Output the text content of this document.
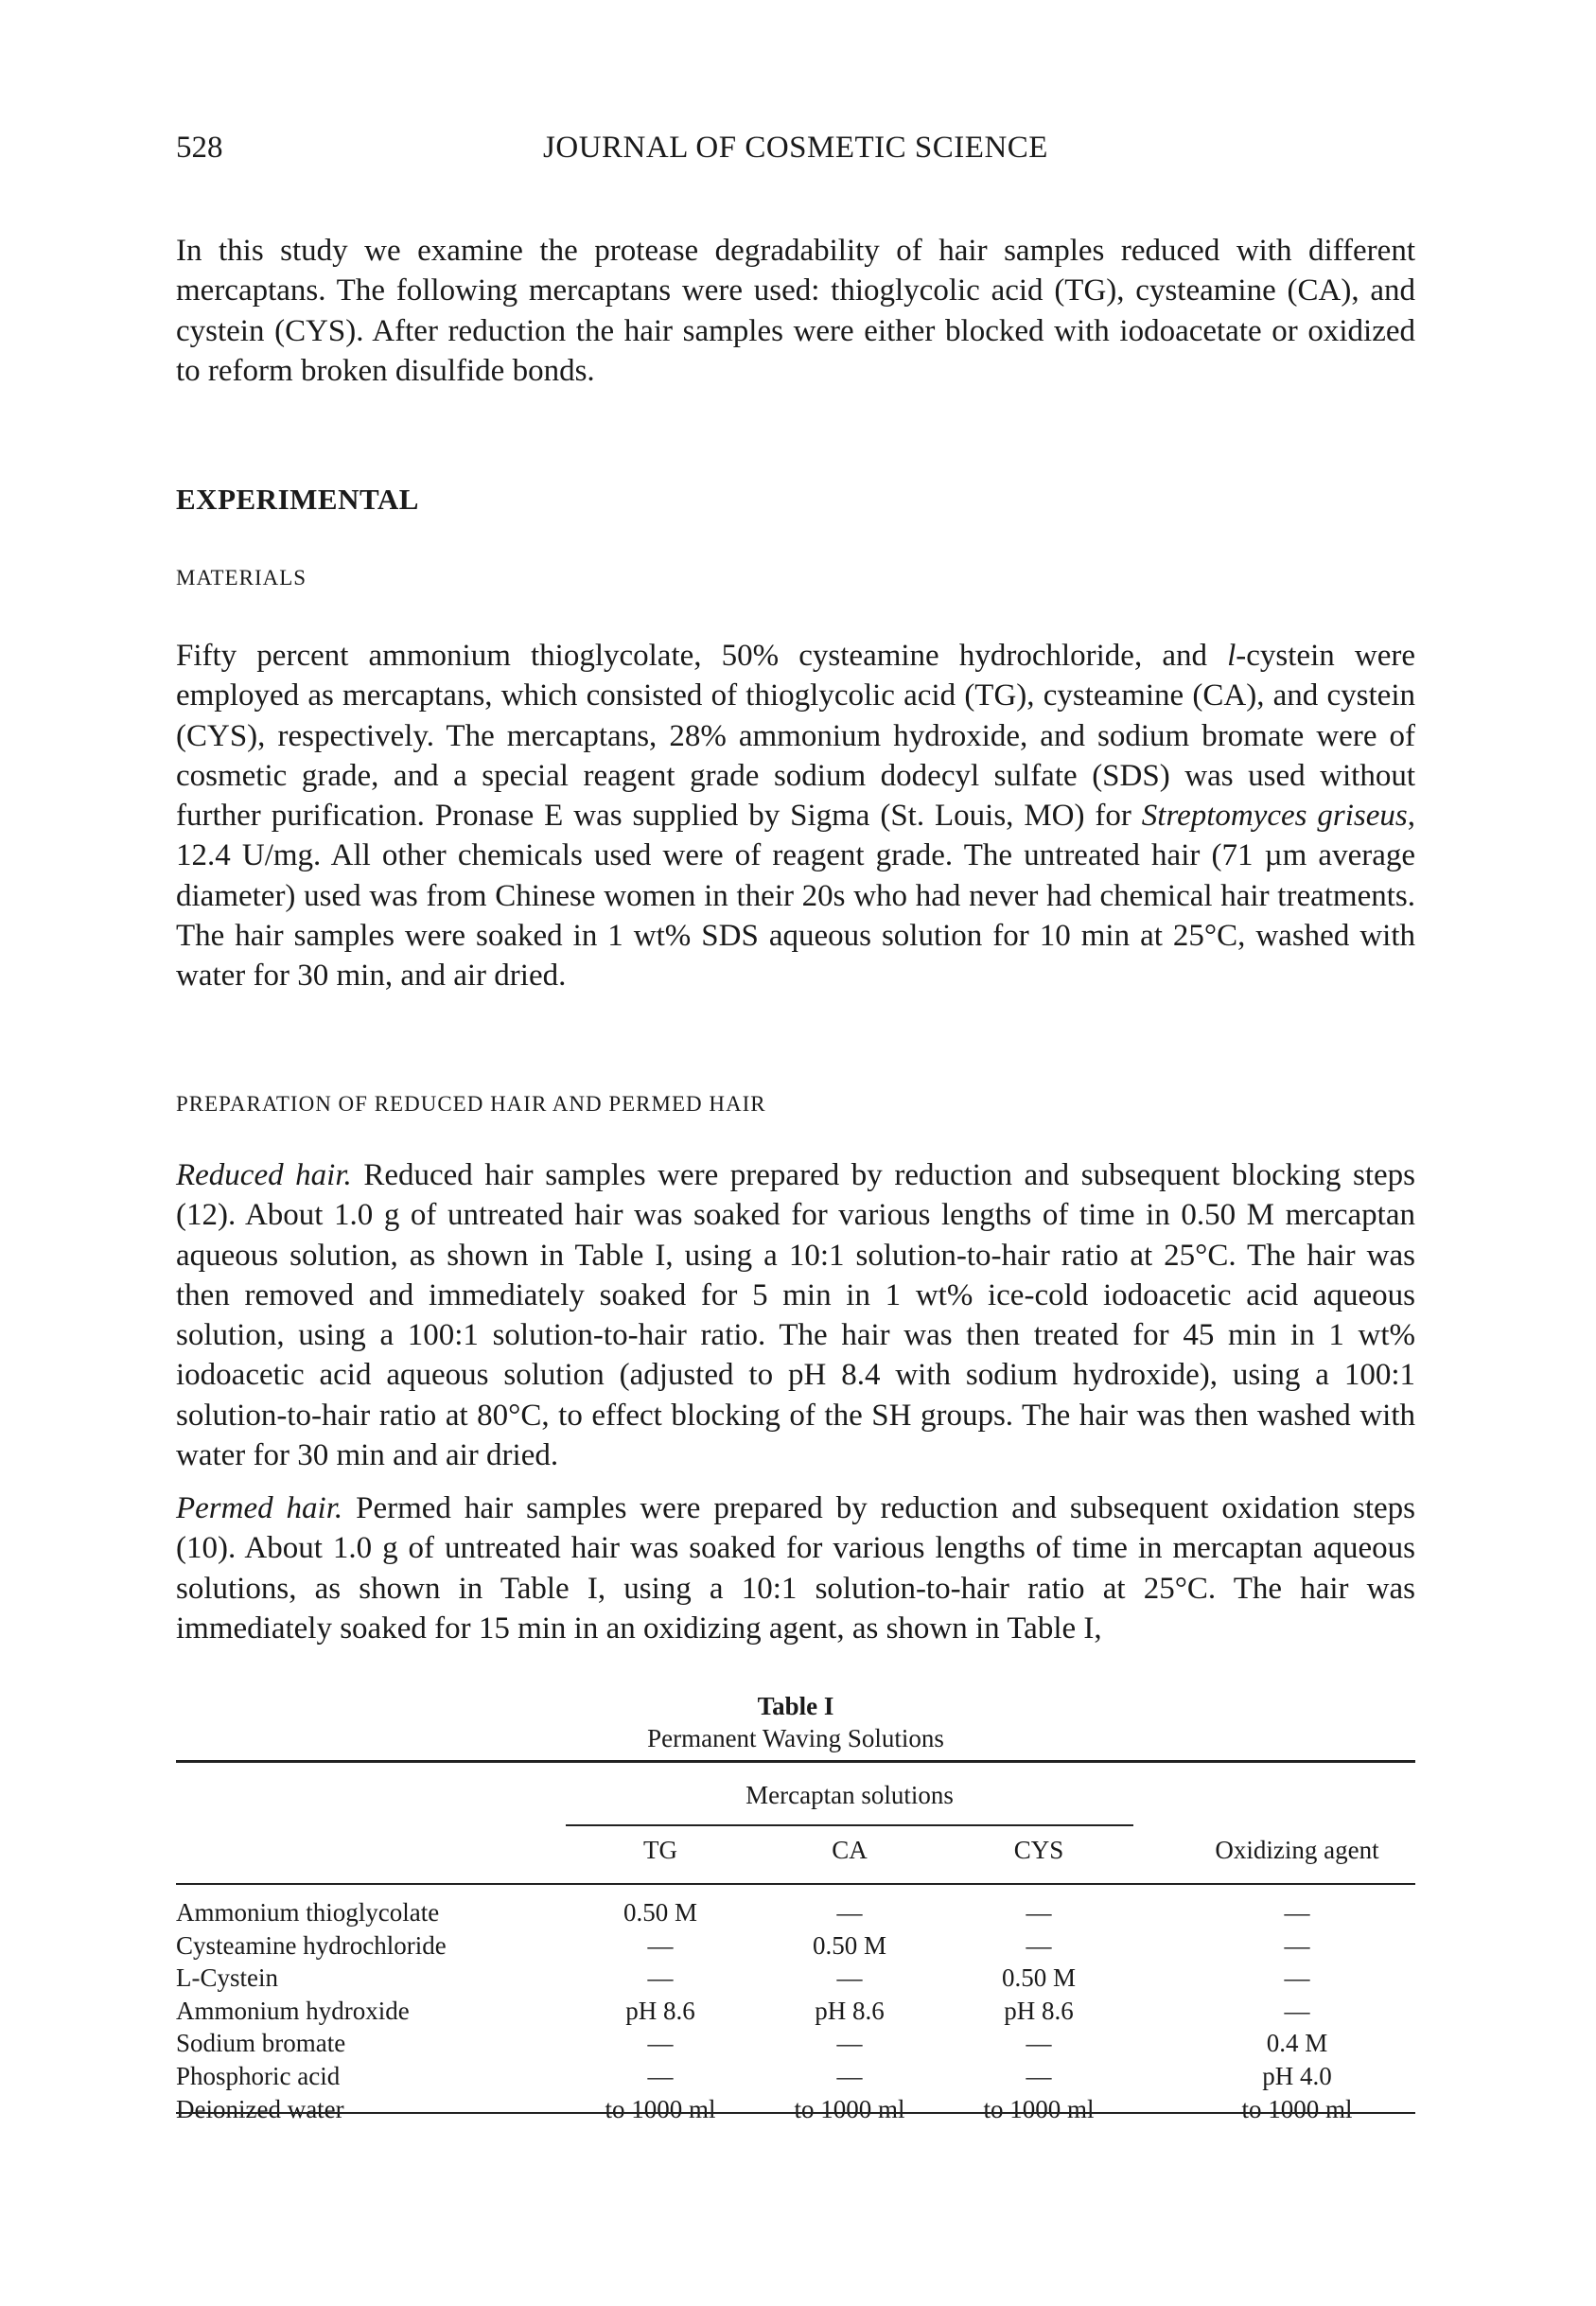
528	JOURNAL OF COSMETIC SCIENCE

In this study we examine the protease degradability of hair samples reduced with different mercaptans. The following mercaptans were used: thioglycolic acid (TG), cysteamine (CA), and cystein (CYS). After reduction the hair samples were either blocked with iodoacetate or oxidized to reform broken disulfide bonds.

EXPERIMENTAL
MATERIALS

Fifty percent ammonium thioglycolate, 50% cysteamine hydrochloride, and l-cystein were employed as mercaptans, which consisted of thioglycolic acid (TG), cysteamine (CA), and cystein (CYS), respectively. The mercaptans, 28% ammonium hydroxide, and sodium bromate were of cosmetic grade, and a special reagent grade sodium dodecyl sulfate (SDS) was used without further purification. Pronase E was supplied by Sigma (St. Louis, MO) for Streptomyces griseus, 12.4 U/mg. All other chemicals used were of reagent grade. The untreated hair (71 µm average diameter) used was from Chinese women in their 20s who had never had chemical hair treatments. The hair samples were soaked in 1 wt% SDS aqueous solution for 10 min at 25°C, washed with water for 30 min, and air dried.

PREPARATION OF REDUCED HAIR AND PERMED HAIR

Reduced hair. Reduced hair samples were prepared by reduction and subsequent blocking steps (12). About 1.0 g of untreated hair was soaked for various lengths of time in 0.50 M mercaptan aqueous solution, as shown in Table I, using a 10:1 solution-to-hair ratio at 25°C. The hair was then removed and immediately soaked for 5 min in 1 wt% ice-cold iodoacetic acid aqueous solution, using a 100:1 solution-to-hair ratio. The hair was then treated for 45 min in 1 wt% iodoacetic acid aqueous solution (adjusted to pH 8.4 with sodium hydroxide), using a 100:1 solution-to-hair ratio at 80°C, to effect blocking of the SH groups. The hair was then washed with water for 30 min and air dried.

Permed hair. Permed hair samples were prepared by reduction and subsequent oxidation steps (10). About 1.0 g of untreated hair was soaked for various lengths of time in mercaptan aqueous solutions, as shown in Table I, using a 10:1 solution-to-hair ratio at 25°C. The hair was immediately soaked for 15 min in an oxidizing agent, as shown in Table I,

Table I
Permanent Waving Solutions
Mercaptan solutions
TG	CA	CYS	Oxidizing agent
Ammonium thioglycolate	0.50 M	—	—	—
Cysteamine hydrochloride	—	0.50 M	—	—
L-Cystein	—	—	0.50 M	—
Ammonium hydroxide	pH 8.6	pH 8.6	pH 8.6	—
Sodium bromate	—	—	—	0.4 M
Phosphoric acid	—	—	—	pH 4.0
Deionized water	to 1000 ml	to 1000 ml	to 1000 ml	to 1000 ml
